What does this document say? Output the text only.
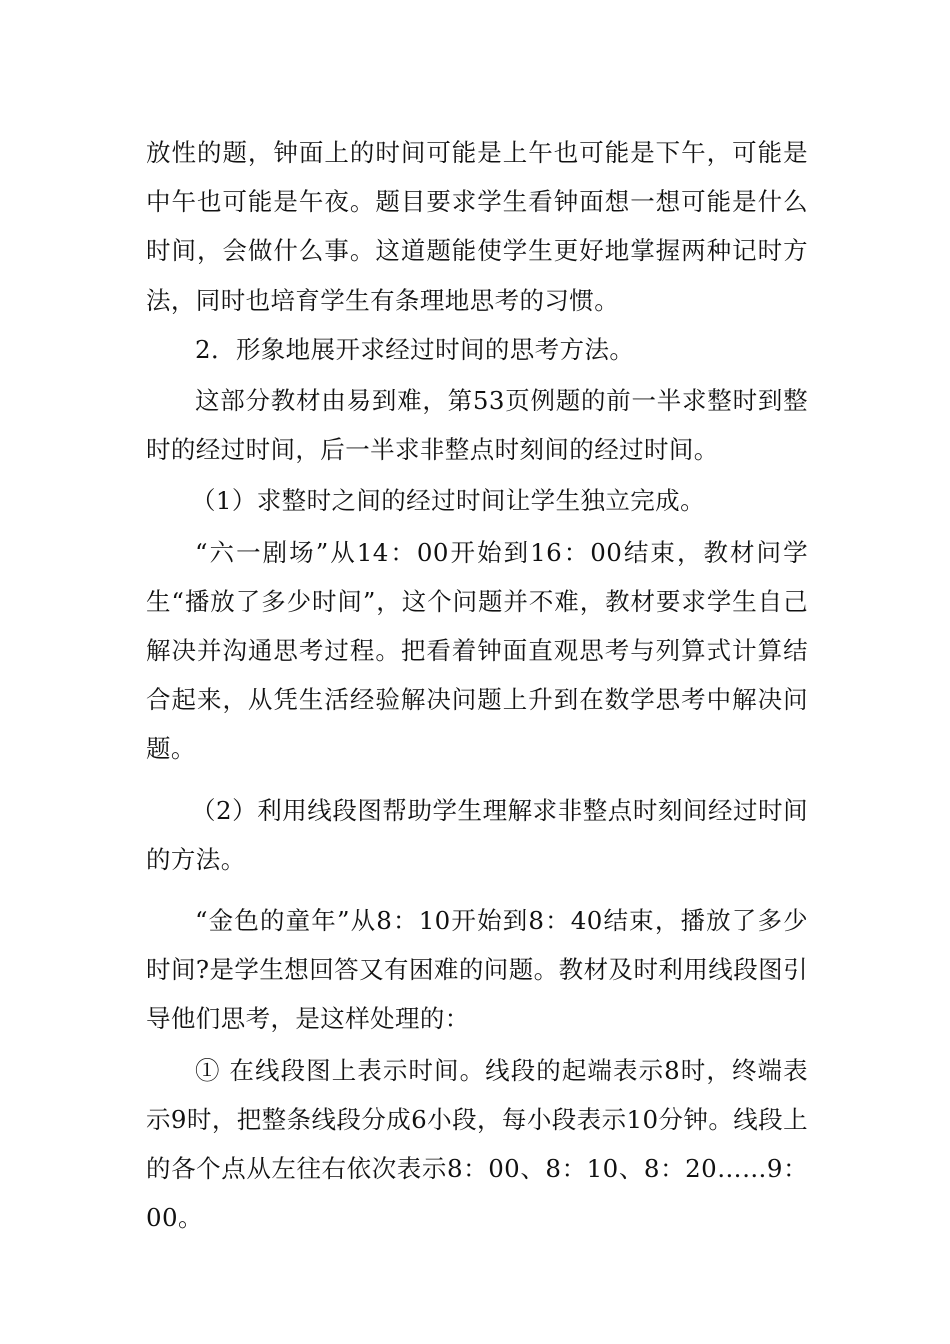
放性的题，钟面上的时间可能是上午也可能是下午，可能是中午也可能是午夜。题目要求学生看钟面想一想可能是什么时间，会做什么事。这道题能使学生更好地掌握两种记时方法，同时也培育学生有条理地思考的习惯。

2．形象地展开求经过时间的思考方法。

这部分教材由易到难，第53页例题的前一半求整时到整时的经过时间，后一半求非整点时刻间的经过时间。

（1）求整时之间的经过时间让学生独立完成。

“六一剧场”从14：00开始到16：00结束，教材问学生“播放了多少时间”，这个问题并不难，教材要求学生自己解决并沟通思考过程。把看着钟面直观思考与列算式计算结合起来，从凭生活经验解决问题上升到在数学思考中解决问题。

（2）利用线段图帮助学生理解求非整点时刻间经过时间的方法。

“金色的童年”从8：10开始到8：40结束，播放了多少时间?是学生想回答又有困难的问题。教材及时利用线段图引导他们思考，是这样处理的：

① 在线段图上表示时间。线段的起端表示8时，终端表示9时，把整条线段分成6小段，每小段表示10分钟。线段上的各个点从左往右依次表示8：00、8：10、8：20……9：00。
